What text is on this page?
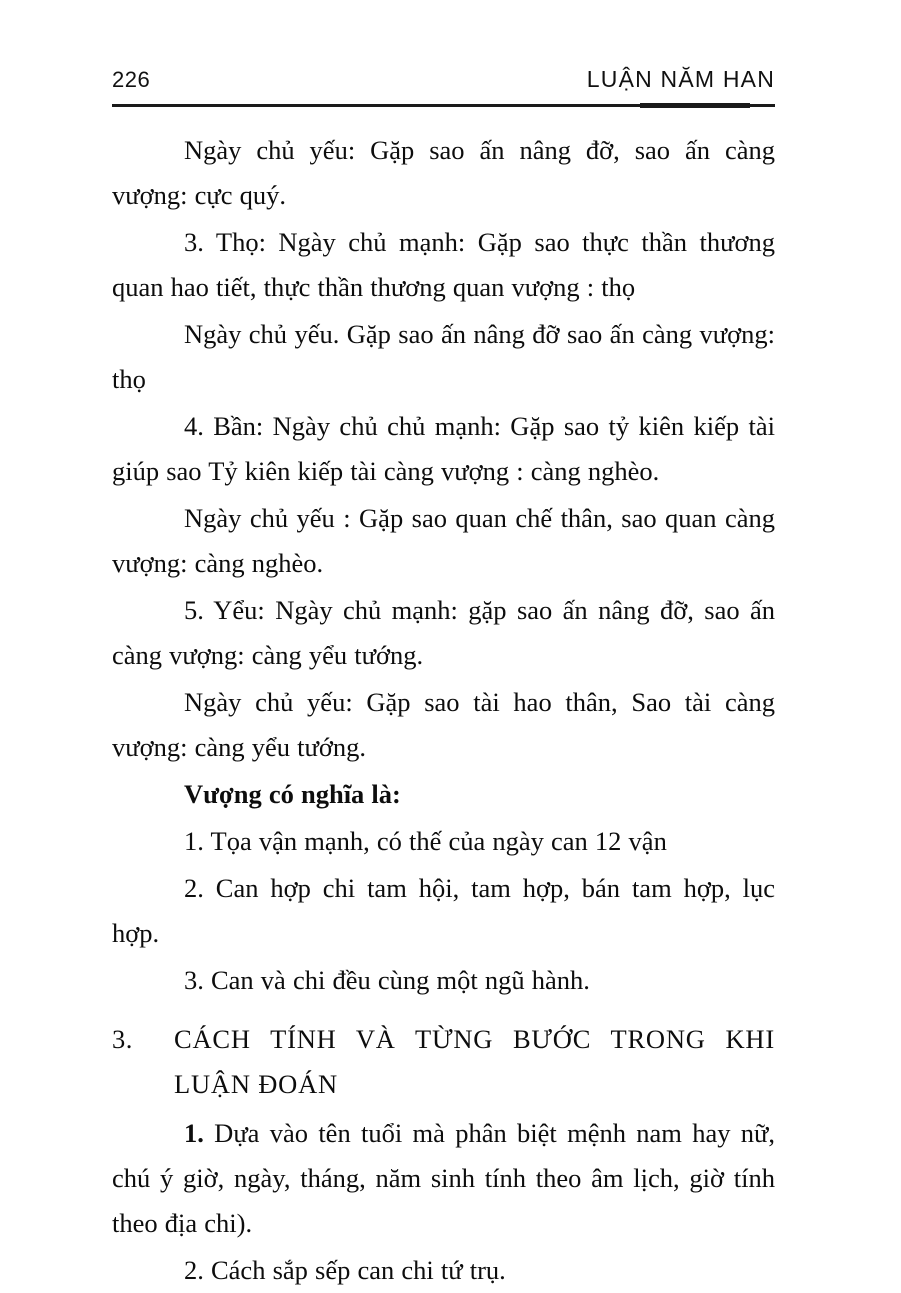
226	LUẬN NĂM HAN

Ngày chủ yếu: Gặp sao ấn nâng đỡ, sao ấn càng vượng: cực quý.

3. Thọ: Ngày chủ mạnh: Gặp sao thực thần thương quan hao tiết, thực thần thương quan vượng : thọ

Ngày chủ yếu. Gặp sao ấn nâng đỡ sao ấn càng vượng: thọ

4. Bần: Ngày chủ chủ mạnh: Gặp sao tỷ kiên kiếp tài giúp sao Tỷ kiên kiếp tài càng vượng : càng nghèo.

Ngày chủ yếu : Gặp sao quan chế thân, sao quan càng vượng: càng nghèo.

5. Yểu: Ngày chủ mạnh: gặp sao ấn nâng đỡ, sao ấn càng vượng: càng yểu tướng.

Ngày chủ yếu: Gặp sao tài hao thân, Sao tài càng vượng: càng yểu tướng.

Vượng có nghĩa là:

1. Tọa vận mạnh, có thế của ngày can 12 vận

2. Can hợp chi tam hội, tam hợp, bán tam hợp, lục hợp.

3. Can và chi đều cùng một ngũ hành.

3.	CÁCH TÍNH VÀ TỪNG BƯỚC TRONG KHI
LUẬN ĐOÁN

1. Dựa vào tên tuổi mà phân biệt mệnh nam hay nữ, chú ý giờ, ngày, tháng, năm sinh tính theo âm lịch, giờ tính theo địa chi).

2. Cách sắp sếp can chi tứ trụ.
